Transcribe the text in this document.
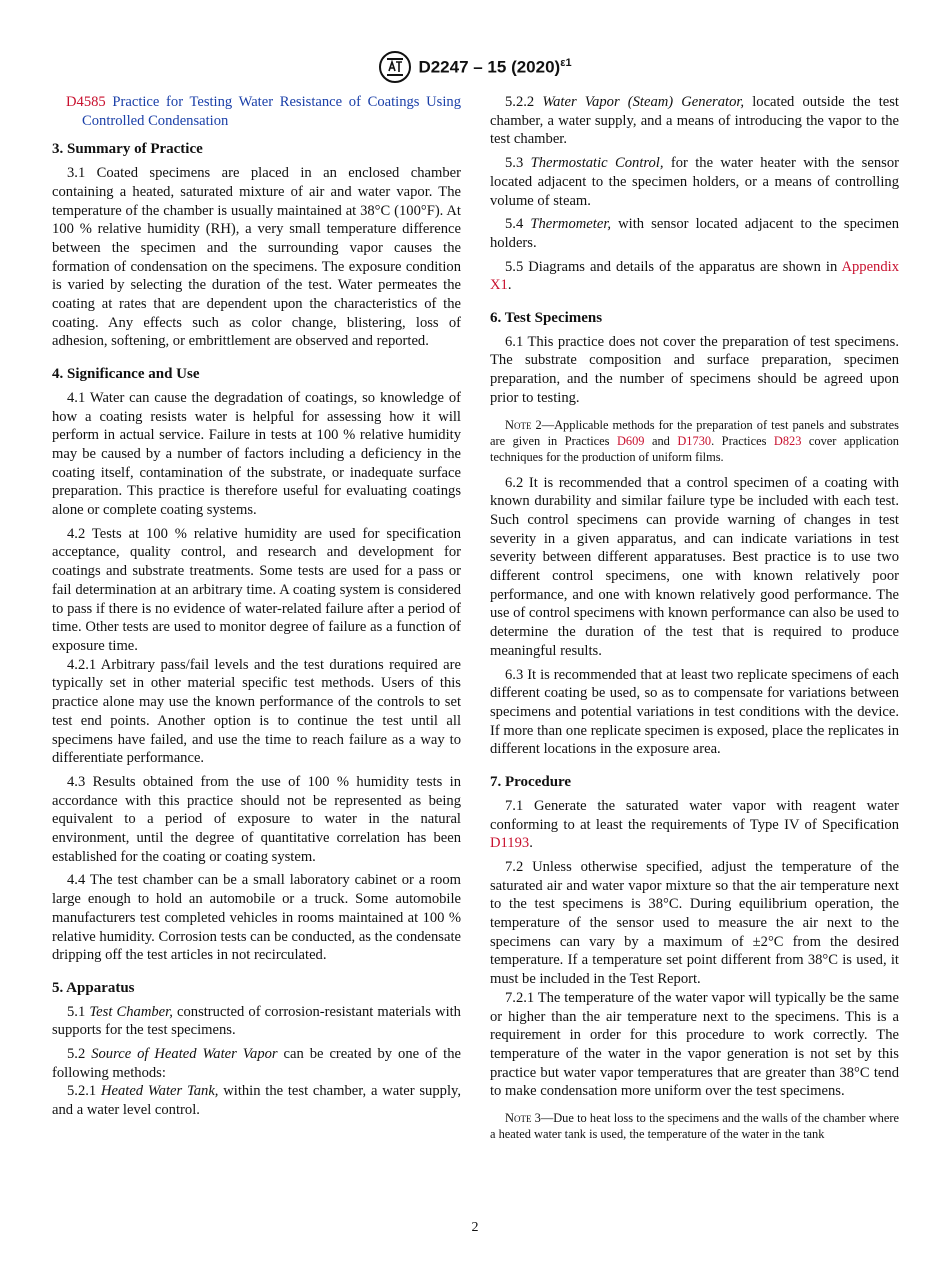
D2247 – 15 $(2020)^{\varepsilon 1}$

D4585 Practice for Testing Water Resistance of Coatings Using Controlled Condensation

3. Summary of Practice

3.1 Coated specimens are placed in an enclosed chamber containing a heated, saturated mixture of air and water vapor. The temperature of the chamber is usually maintained at 38°C (100°F). At 100 % relative humidity (RH), a very small temperature difference between the specimen and the surrounding vapor causes the formation of condensation on the specimens. The exposure condition is varied by selecting the duration of the test. Water permeates the coating at rates that are dependent upon the characteristics of the coating. Any effects such as color change, blistering, loss of adhesion, softening, or embrittlement are observed and reported.

4. Significance and Use

4.1 Water can cause the degradation of coatings, so knowledge of how a coating resists water is helpful for assessing how it will perform in actual service. Failure in tests at 100 % relative humidity may be caused by a number of factors including a deficiency in the coating itself, contamination of the substrate, or inadequate surface preparation. This practice is therefore useful for evaluating coatings alone or complete coating systems.

4.2 Tests at 100 % relative humidity are used for specification acceptance, quality control, and research and development for coatings and substrate treatments. Some tests are used for a pass or fail determination at an arbitrary time. A coating system is considered to pass if there is no evidence of water-related failure after a period of time. Other tests are used to monitor degree of failure as a function of exposure time.

4.2.1 Arbitrary pass/fail levels and the test durations required are typically set in other material specific test methods. Users of this practice alone may use the known performance of the controls to set test end points. Another option is to continue the test until all specimens have failed, and use the time to reach failure as a way to differentiate performance.

4.3 Results obtained from the use of 100 % humidity tests in accordance with this practice should not be represented as being equivalent to a period of exposure to water in the natural environment, until the degree of quantitative correlation has been established for the coating or coating system.

4.4 The test chamber can be a small laboratory cabinet or a room large enough to hold an automobile or a truck. Some automobile manufacturers test completed vehicles in rooms maintained at 100 % relative humidity. Corrosion tests can be conducted, as the condensate dripping off the test articles in not recirculated.

5. Apparatus

5.1 Test Chamber, constructed of corrosion-resistant materials with supports for the test specimens.

5.2 Source of Heated Water Vapor can be created by one of the following methods:

5.2.1 Heated Water Tank, within the test chamber, a water supply, and a water level control.

5.2.2 Water Vapor (Steam) Generator, located outside the test chamber, a water supply, and a means of introducing the vapor to the test chamber.

5.3 Thermostatic Control, for the water heater with the sensor located adjacent to the specimen holders, or a means of controlling volume of steam.

5.4 Thermometer, with sensor located adjacent to the specimen holders.

5.5 Diagrams and details of the apparatus are shown in Appendix X1.

6. Test Specimens

6.1 This practice does not cover the preparation of test specimens. The substrate composition and surface preparation, specimen preparation, and the number of specimens should be agreed upon prior to testing.

Note 2—Applicable methods for the preparation of test panels and substrates are given in Practices D609 and D1730. Practices D823 cover application techniques for the production of uniform films.

6.2 It is recommended that a control specimen of a coating with known durability and similar failure type be included with each test. Such control specimens can provide warning of changes in test severity in a given apparatus, and can indicate variations in test severity between different apparatuses. Best practice is to use two different control specimens, one with known relatively poor performance, and one with known relatively good performance. The use of control specimens with known performance can also be used to determine the duration of the test that is required to produce meaningful results.

6.3 It is recommended that at least two replicate specimens of each different coating be used, so as to compensate for variations between specimens and potential variations in test conditions with the device. If more than one replicate specimen is exposed, place the replicates in different locations in the exposure area.

7. Procedure

7.1 Generate the saturated water vapor with reagent water conforming to at least the requirements of Type IV of Specification D1193.

7.2 Unless otherwise specified, adjust the temperature of the saturated air and water vapor mixture so that the air temperature next to the test specimens is 38°C. During equilibrium operation, the temperature of the sensor used to measure the air next to the specimens can vary by a maximum of ±2°C from the desired temperature. If a temperature set point different from 38°C is used, it must be included in the Test Report.

7.2.1 The temperature of the water vapor will typically be the same or higher than the air temperature next to the specimens. This is a requirement in order for this procedure to work correctly. The temperature of the water in the vapor generation is not set by this practice but water vapor temperatures that are greater than 38°C tend to make condensation more uniform over the test specimens.

Note 3—Due to heat loss to the specimens and the walls of the chamber where a heated water tank is used, the temperature of the water in the tank

2
